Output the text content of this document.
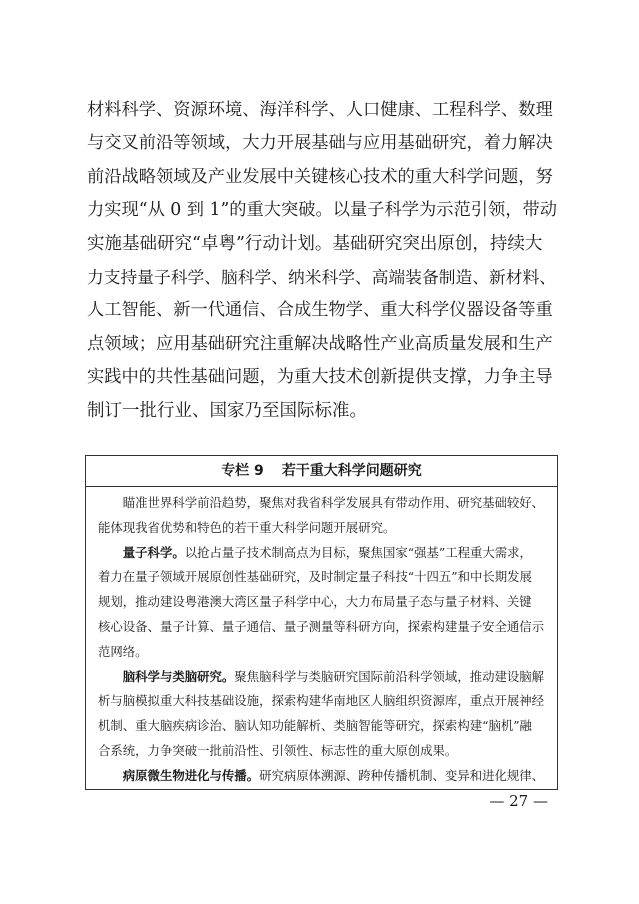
材料科学、资源环境、海洋科学、人口健康、工程科学、数理
与交叉前沿等领域，大力开展基础与应用基础研究，着力解决
前沿战略领域及产业发展中关键核心技术的重大科学问题，努
力实现“从 0 到 1”的重大突破。以量子科学为示范引领，带动
实施基础研究“卓粤”行动计划。基础研究突出原创，持续大
力支持量子科学、脑科学、纳米科学、高端装备制造、新材料、
人工智能、新一代通信、合成生物学、重大科学仪器设备等重
点领域；应用基础研究注重解决战略性产业高质量发展和生产
实践中的共性基础问题，为重大技术创新提供支撑，力争主导
制订一批行业、国家乃至国际标准。
专栏 9 若干重大科学问题研究
　　瞄准世界科学前沿趋势，聚焦对我省科学发展具有带动作用、研究基础较好、
能体现我省优势和特色的若干重大科学问题开展研究。
　　量子科学。以抢占量子技术制高点为目标，聚焦国家“强基”工程重大需求，
着力在量子领域开展原创性基础研究，及时制定量子科技“十四五”和中长期发展
规划，推动建设粤港澳大湾区量子科学中心，大力布局量子态与量子材料、关键
核心设备、量子计算、量子通信、量子测量等科研方向，探索构建量子安全通信示
范网络。
　　脑科学与类脑研究。聚焦脑科学与类脑研究国际前沿科学领域，推动建设脑解
析与脑模拟重大科技基础设施，探索构建华南地区人脑组织资源库，重点开展神经
机制、重大脑疾病诊治、脑认知功能解析、类脑智能等研究，探索构建“脑机”融
合系统，力争突破一批前沿性、引领性、标志性的重大原创成果。
　　病原微生物进化与传播。研究病原体溯源、跨种传播机制、变异和进化规律、
— 27 —
